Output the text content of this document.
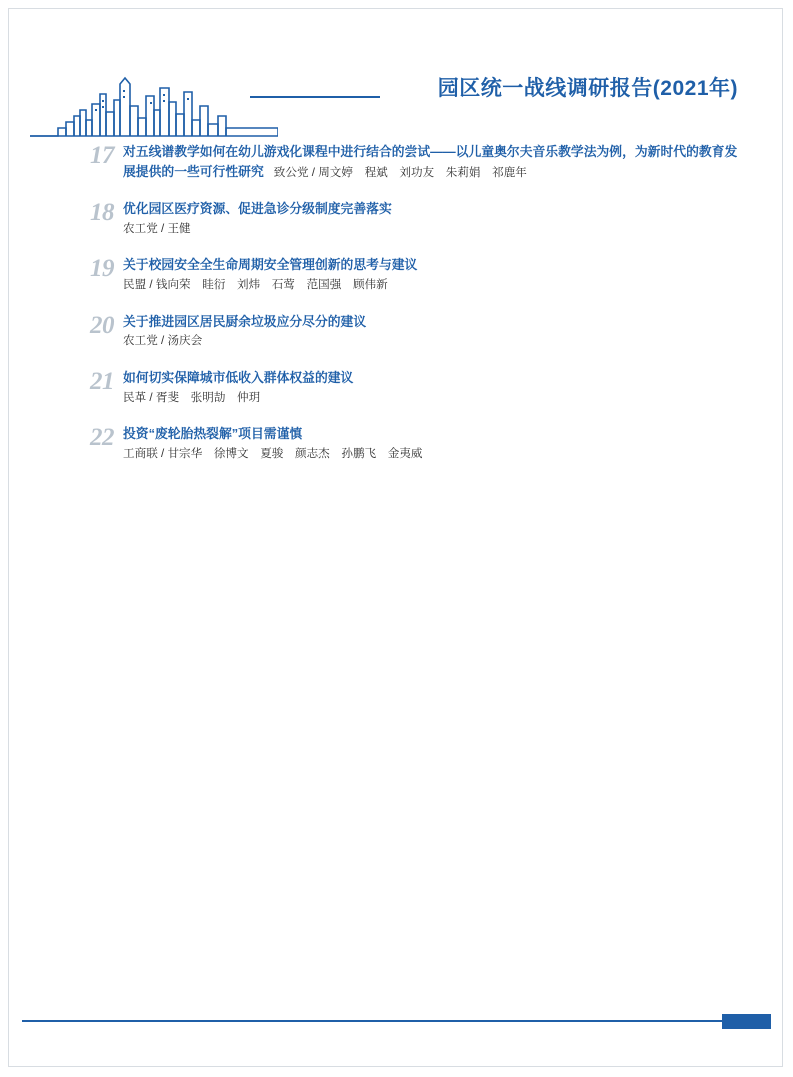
园区统一战线调研报告(2021年)
17 对五线谱教学如何在幼儿游戏化课程中进行结合的尝试——以儿童奥尔夫音乐教学法为例，为新时代的教育发展提供的一些可行性研究 致公党 / 周文婷　程斌　刘功友　朱莉娟　祁鹿年
18 优化园区医疗资源、促进急诊分级制度完善落实
农工党 / 王健
19 关于校园安全全生命周期安全管理创新的思考与建议
民盟 / 钱向荣　眭衍　刘炜　石莺　范国强　顾伟新
20 关于推进园区居民厨余垃圾应分尽分的建议
农工党 / 汤庆会
21 如何切实保障城市低收入群体权益的建议
民革 / 胥斐　张明劼　仲玥
22 投资“废轮胎热裂解”项目需谨慎
工商联 / 甘宗华　徐博文　夏骏　颜志杰　孙鹏飞　金夷威
